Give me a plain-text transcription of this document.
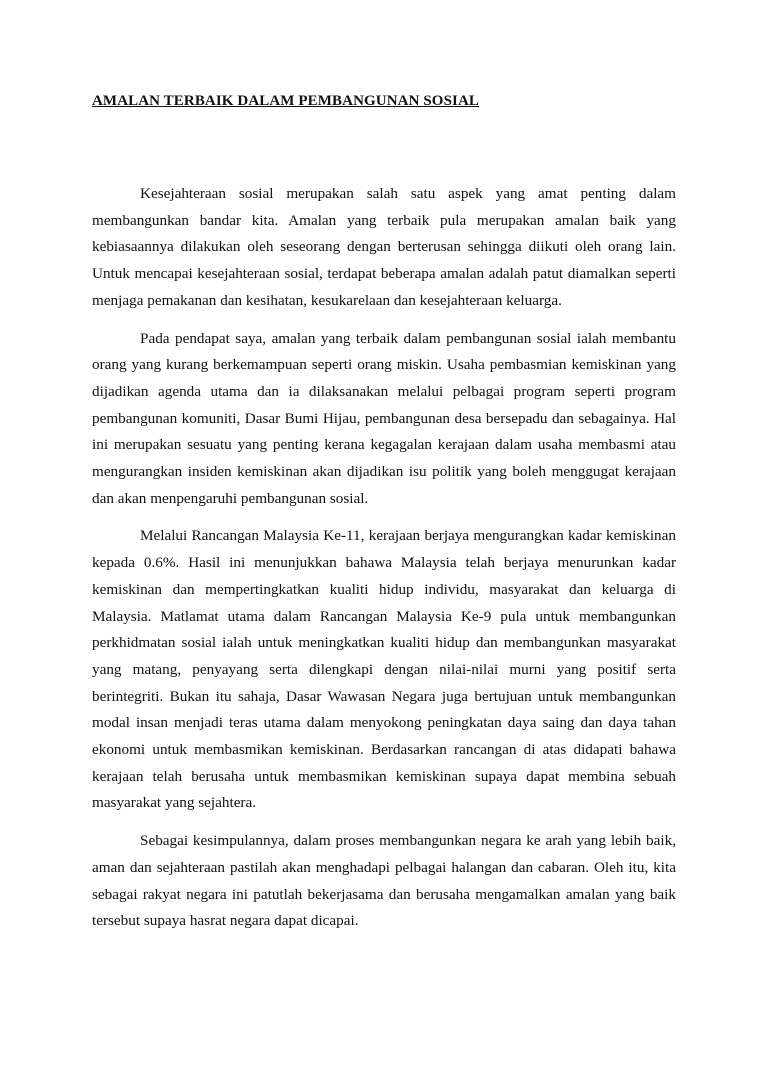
AMALAN TERBAIK DALAM PEMBANGUNAN SOSIAL

Kesejahteraan sosial merupakan salah satu aspek yang amat penting dalam membangunkan bandar kita. Amalan yang terbaik pula merupakan amalan baik yang kebiasaannya dilakukan oleh seseorang dengan berterusan sehingga diikuti oleh orang lain. Untuk mencapai kesejahteraan sosial, terdapat beberapa amalan adalah patut diamalkan seperti menjaga pemakanan dan kesihatan, kesukarelaan dan kesejahteraan keluarga.

Pada pendapat saya, amalan yang terbaik dalam pembangunan sosial ialah membantu orang yang kurang berkemampuan seperti orang miskin. Usaha pembasmian kemiskinan yang dijadikan agenda utama dan ia dilaksanakan melalui pelbagai program seperti program pembangunan komuniti, Dasar Bumi Hijau, pembangunan desa bersepadu dan sebagainya. Hal ini merupakan sesuatu yang penting kerana kegagalan kerajaan dalam usaha membasmi atau mengurangkan insiden kemiskinan akan dijadikan isu politik yang boleh menggugat kerajaan dan akan menpengaruhi pembangunan sosial.

Melalui Rancangan Malaysia Ke-11, kerajaan berjaya mengurangkan kadar kemiskinan kepada 0.6%. Hasil ini menunjukkan bahawa Malaysia telah berjaya menurunkan kadar kemiskinan dan mempertingkatkan kualiti hidup individu, masyarakat dan keluarga di Malaysia. Matlamat utama dalam Rancangan Malaysia Ke-9 pula untuk membangunkan perkhidmatan sosial ialah untuk meningkatkan kualiti hidup dan membangunkan masyarakat yang matang, penyayang serta dilengkapi dengan nilai-nilai murni yang positif serta berintegriti. Bukan itu sahaja, Dasar Wawasan Negara juga bertujuan untuk membangunkan modal insan menjadi teras utama dalam menyokong peningkatan daya saing dan daya tahan ekonomi untuk membasmikan kemiskinan. Berdasarkan rancangan di atas didapati bahawa kerajaan telah berusaha untuk membasmikan kemiskinan supaya dapat membina sebuah masyarakat yang sejahtera.

Sebagai kesimpulannya, dalam proses membangunkan negara ke arah yang lebih baik, aman dan sejahteraan pastilah akan menghadapi pelbagai halangan dan cabaran. Oleh itu, kita sebagai rakyat negara ini patutlah bekerjasama dan berusaha mengamalkan amalan yang baik tersebut supaya hasrat negara dapat dicapai.
